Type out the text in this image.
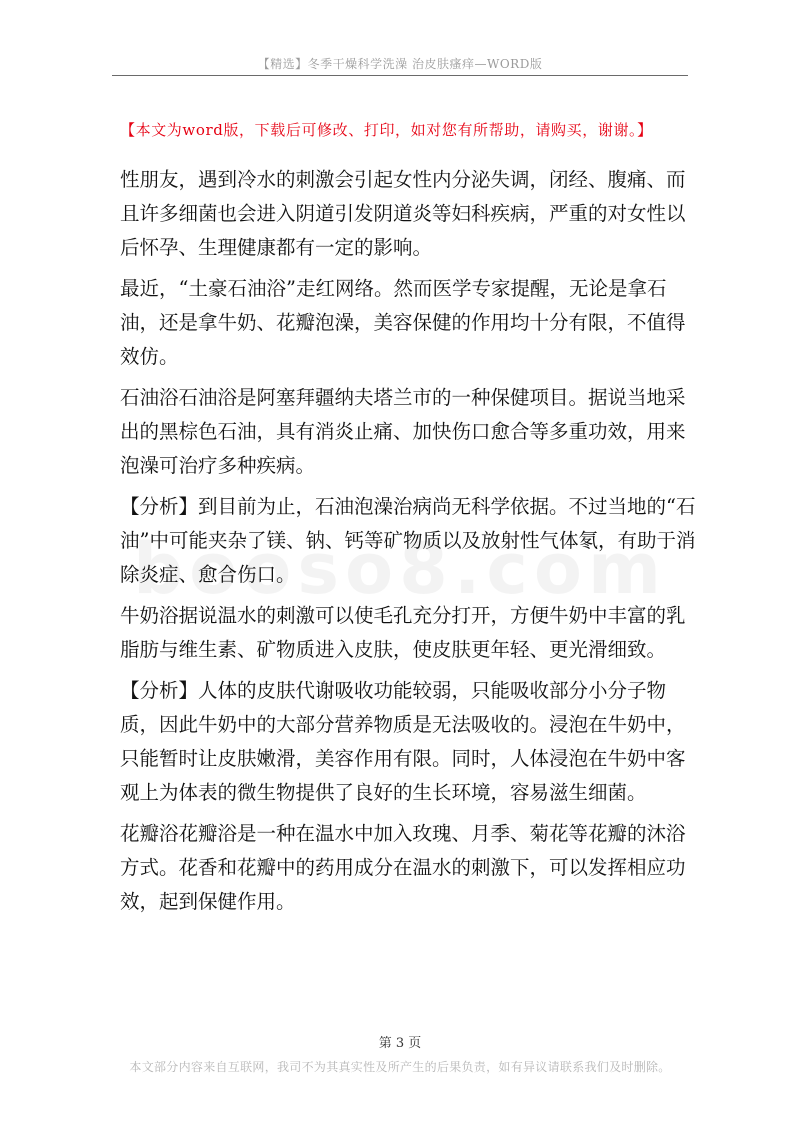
【精选】冬季干燥科学洗澡 治皮肤瘙痒—WORD版
【本文为word版，下载后可修改、打印，如对您有所帮助，请购买，谢谢。】

性朋友，遇到冷水的刺激会引起女性内分泌失调，闭经、腹痛、而且许多细菌也会进入阴道引发阴道炎等妇科疾病，严重的对女性以后怀孕、生理健康都有一定的影响。

最近，“土豪石油浴”走红网络。然而医学专家提醒，无论是拿石油，还是拿牛奶、花瓣泡澡，美容保健的作用均十分有限，不值得效仿。

石油浴石油浴是阿塞拜疆纳夫塔兰市的一种保健项目。据说当地采出的黑棕色石油，具有消炎止痛、加快伤口愈合等多重功效，用来泡澡可治疗多种疾病。

【分析】到目前为止，石油泡澡治病尚无科学依据。不过当地的“石油”中可能夹杂了镁、钠、钙等矿物质以及放射性气体氡，有助于消除炎症、愈合伤口。

牛奶浴据说温水的刺激可以使毛孔充分打开，方便牛奶中丰富的乳脂肪与维生素、矿物质进入皮肤，使皮肤更年轻、更光滑细致。

【分析】人体的皮肤代谢吸收功能较弱，只能吸收部分小分子物质，因此牛奶中的大部分营养物质是无法吸收的。浸泡在牛奶中，只能暂时让皮肤嫩滑，美容作用有限。同时，人体浸泡在牛奶中客观上为体表的微生物提供了良好的生长环境，容易滋生细菌。

花瓣浴花瓣浴是一种在温水中加入玫瑰、月季、菊花等花瓣的沐浴方式。花香和花瓣中的药用成分在温水的刺激下，可以发挥相应功效，起到保健作用。

第 3 页
本文部分内容来自互联网，我司不为其真实性及所产生的后果负责，如有异议请联系我们及时删除。
